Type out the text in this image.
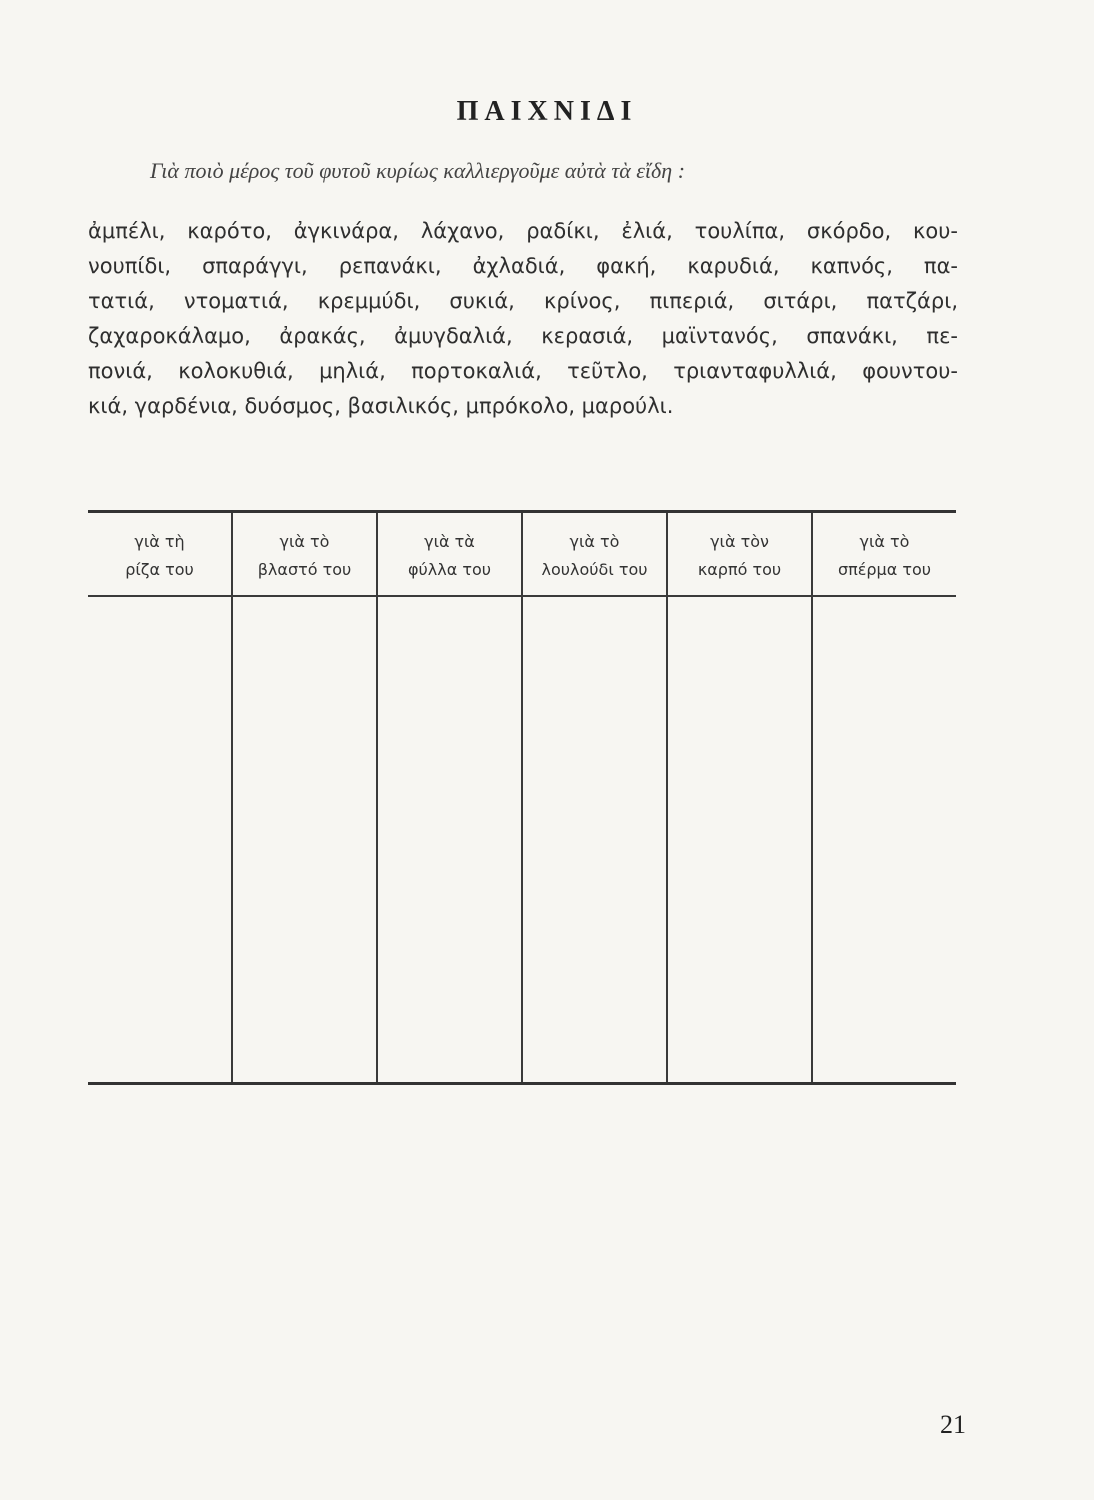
ΠΑΙΧΝΙΔΙ
Γιὰ ποιὸ μέρος τοῦ φυτοῦ κυρίως καλλιεργοῦμε αὐτὰ τὰ εἴδη :
ἀμπέλι, καρότο, ἀγκινάρα, λάχανο, ραδίκι, ἐλιά, τουλίπα, σκόρδο, κου-
νουπίδι, σπαράγγι, ρεπανάκι, ἀχλαδιά, φακή, καρυδιά, καπνός, πα-
τατιά, ντοματιά, κρεμμύδι, συκιά, κρίνος, πιπεριά, σιτάρι, πατζάρι,
ζαχαροκάλαμο, ἀρακάς, ἀμυγδαλιά, κερασιά, μαϊντανός, σπανάκι, πε-
πονιά, κολοκυθιά, μηλιά, πορτοκαλιά, τεῦτλο, τριανταφυλλιά, φουντου-
κιά, γαρδένια, δυόσμος, βασιλικός, μπρόκολο, μαρούλι.
γιὰ τὴ
ρίζα του
γιὰ τὸ
βλαστό του
γιὰ τὰ
φύλλα του
γιὰ τὸ
λουλούδι του
γιὰ τὸν
καρπό του
γιὰ τὸ
σπέρμα του
21
